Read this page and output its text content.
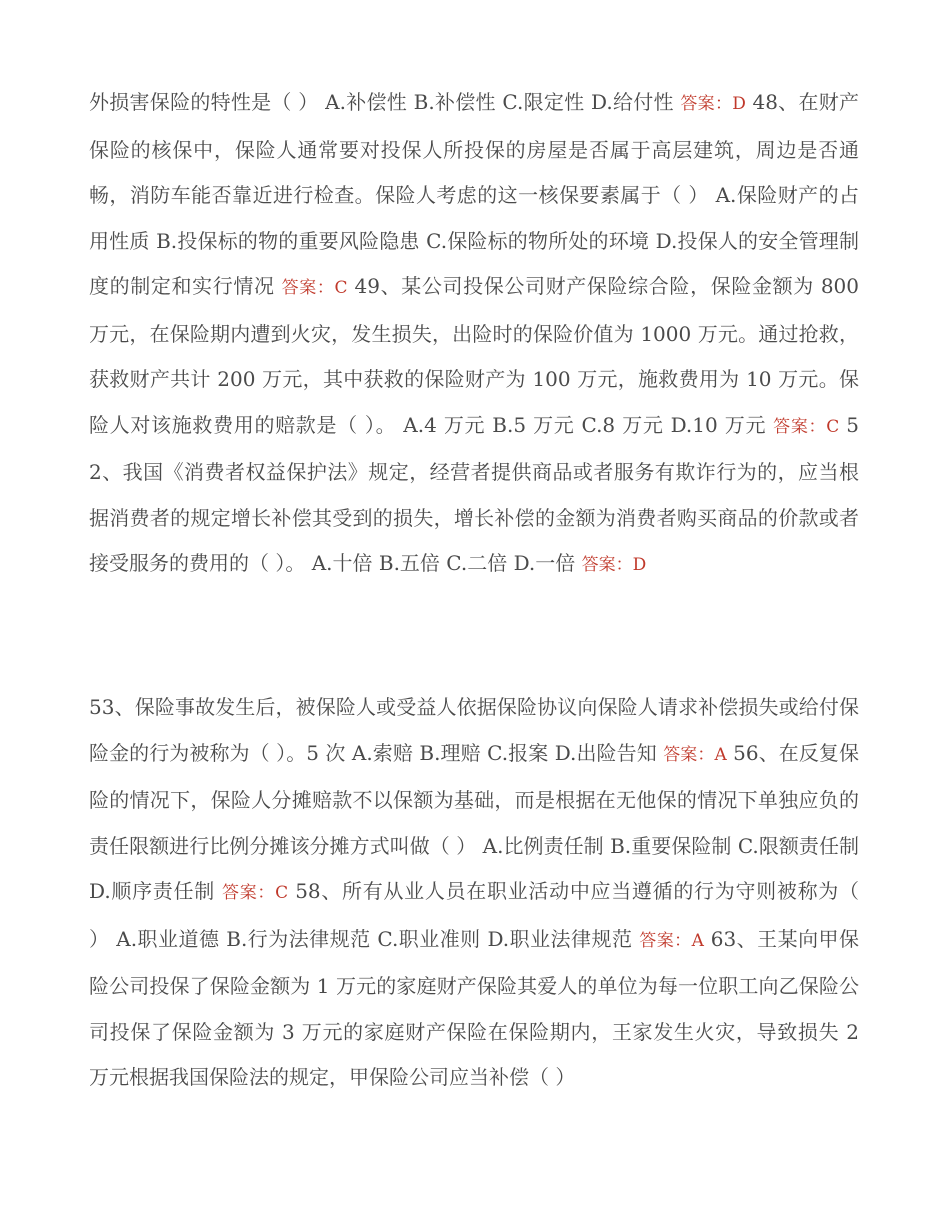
外损害保险的特性是（ ） A.补偿性 B.补偿性 C.限定性 D.给付性 答案：D 48、在财产保险的核保中，保险人通常要对投保人所投保的房屋是否属于高层建筑，周边是否通畅，消防车能否靠近进行检查。保险人考虑的这一核保要素属于（ ） A.保险财产的占用性质 B.投保标的物的重要风险隐患 C.保险标的物所处的环境 D.投保人的安全管理制度的制定和实行情况 答案：C 49、某公司投保公司财产保险综合险，保险金额为 800 万元，在保险期内遭到火灾，发生损失，出险时的保险价值为 1000 万元。通过抢救，获救财产共计 200 万元，其中获救的保险财产为 100 万元，施救费用为 10 万元。保险人对该施救费用的赔款是（ ）。 A.4 万元 B.5 万元 C.8 万元 D.10 万元 答案：C 52、我国《消费者权益保护法》规定，经营者提供商品或者服务有欺诈行为的，应当根据消费者的规定增长补偿其受到的损失，增长补偿的金额为消费者购买商品的价款或者接受服务的费用的（ ）。 A.十倍 B.五倍 C.二倍 D.一倍 答案：D
53、保险事故发生后，被保险人或受益人依据保险协议向保险人请求补偿损失或给付保险金的行为被称为（ ）。5 次 A.索赔 B.理赔 C.报案 D.出险告知 答案：A 56、在反复保险的情况下，保险人分摊赔款不以保额为基础，而是根据在无他保的情况下单独应负的责任限额进行比例分摊该分摊方式叫做（ ） A.比例责任制 B.重要保险制 C.限额责任制 D.顺序责任制 答案：C 58、所有从业人员在职业活动中应当遵循的行为守则被称为（ ） A.职业道德 B.行为法律规范 C.职业准则 D.职业法律规范 答案：A 63、王某向甲保险公司投保了保险金额为 1 万元的家庭财产保险其爱人的单位为每一位职工向乙保险公司投保了保险金额为 3 万元的家庭财产保险在保险期内，王家发生火灾，导致损失 2 万元根据我国保险法的规定，甲保险公司应当补偿（ ）
